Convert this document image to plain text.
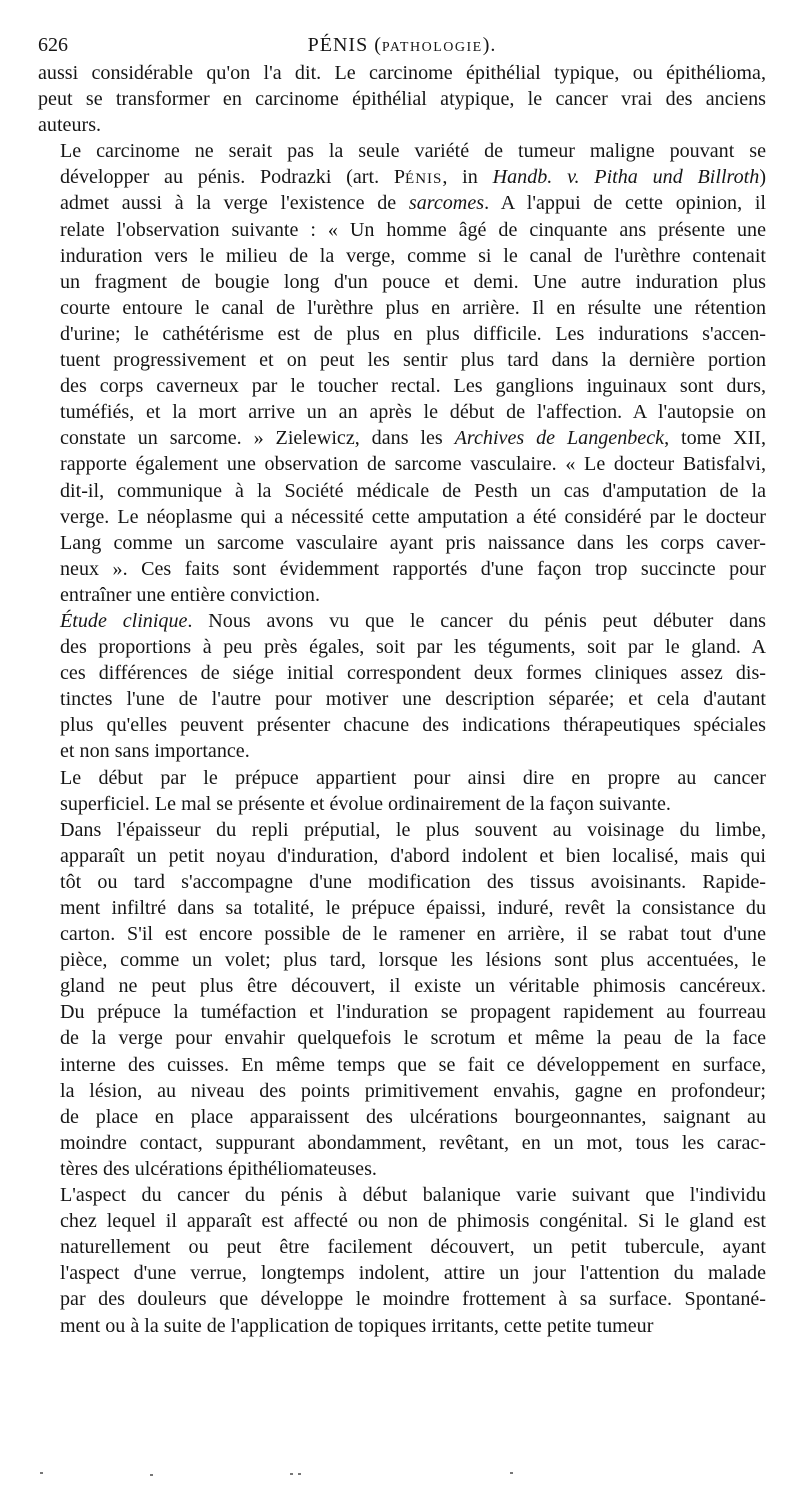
626	PÉNIS (PATHOLOGIE).
aussi considérable qu'on l'a dit. Le carcinome épithélial typique, ou épithélioma,
peut se transformer en carcinome épithélial atypique, le cancer vrai des anciens
auteurs.
Le carcinome ne serait pas la seule variété de tumeur maligne pouvant se
développer au pénis. Podrazki (art. PÉNIS, in Handb. v. Pitha und Billroth)
admet aussi à la verge l'existence de sarcomes. A l'appui de cette opinion, il
relate l'observation suivante : « Un homme âgé de cinquante ans présente une
induration vers le milieu de la verge, comme si le canal de l'urèthre contenait
un fragment de bougie long d'un pouce et demi. Une autre induration plus
courte entoure le canal de l'urèthre plus en arrière. Il en résulte une rétention
d'urine; le cathétérisme est de plus en plus difficile. Les indurations s'accen-
tuent progressivement et on peut les sentir plus tard dans la dernière portion
des corps caverneux par le toucher rectal. Les ganglions inguinaux sont durs,
tuméfiés, et la mort arrive un an après le début de l'affection. A l'autopsie on
constate un sarcome. » Zielewicz, dans les Archives de Langenbeck, tome XII,
rapporte également une observation de sarcome vasculaire. « Le docteur Batisfalvi,
dit-il, communique à la Société médicale de Pesth un cas d'amputation de la
verge. Le néoplasme qui a nécessité cette amputation a été considéré par le docteur
Lang comme un sarcome vasculaire ayant pris naissance dans les corps caver-
neux ». Ces faits sont évidemment rapportés d'une façon trop succincte pour
entraîner une entière conviction.
Étude clinique. Nous avons vu que le cancer du pénis peut débuter dans
des proportions à peu près égales, soit par les téguments, soit par le gland. A
ces différences de siége initial correspondent deux formes cliniques assez dis-
tinctes l'une de l'autre pour motiver une description séparée; et cela d'autant
plus qu'elles peuvent présenter chacune des indications thérapeutiques spéciales
et non sans importance.
Le début par le prépuce appartient pour ainsi dire en propre au cancer
superficiel. Le mal se présente et évolue ordinairement de la façon suivante.
Dans l'épaisseur du repli préputial, le plus souvent au voisinage du limbe,
apparaît un petit noyau d'induration, d'abord indolent et bien localisé, mais qui
tôt ou tard s'accompagne d'une modification des tissus avoisinants. Rapide-
ment infiltré dans sa totalité, le prépuce épaissi, induré, revêt la consistance du
carton. S'il est encore possible de le ramener en arrière, il se rabat tout d'une
pièce, comme un volet; plus tard, lorsque les lésions sont plus accentuées, le
gland ne peut plus être découvert, il existe un véritable phimosis cancéreux.
Du prépuce la tuméfaction et l'induration se propagent rapidement au fourreau
de la verge pour envahir quelquefois le scrotum et même la peau de la face
interne des cuisses. En même temps que se fait ce développement en surface,
la lésion, au niveau des points primitivement envahis, gagne en profondeur;
de place en place apparaissent des ulcérations bourgeonnantes, saignant au
moindre contact, suppurant abondamment, revêtant, en un mot, tous les carac-
tères des ulcérations épithéliomateuses.
L'aspect du cancer du pénis à début balanique varie suivant que l'individu
chez lequel il apparaît est affecté ou non de phimosis congénital. Si le gland est
naturellement ou peut être facilement découvert, un petit tubercule, ayant
l'aspect d'une verrue, longtemps indolent, attire un jour l'attention du malade
par des douleurs que développe le moindre frottement à sa surface. Spontané-
ment ou à la suite de l'application de topiques irritants, cette petite tumeur
